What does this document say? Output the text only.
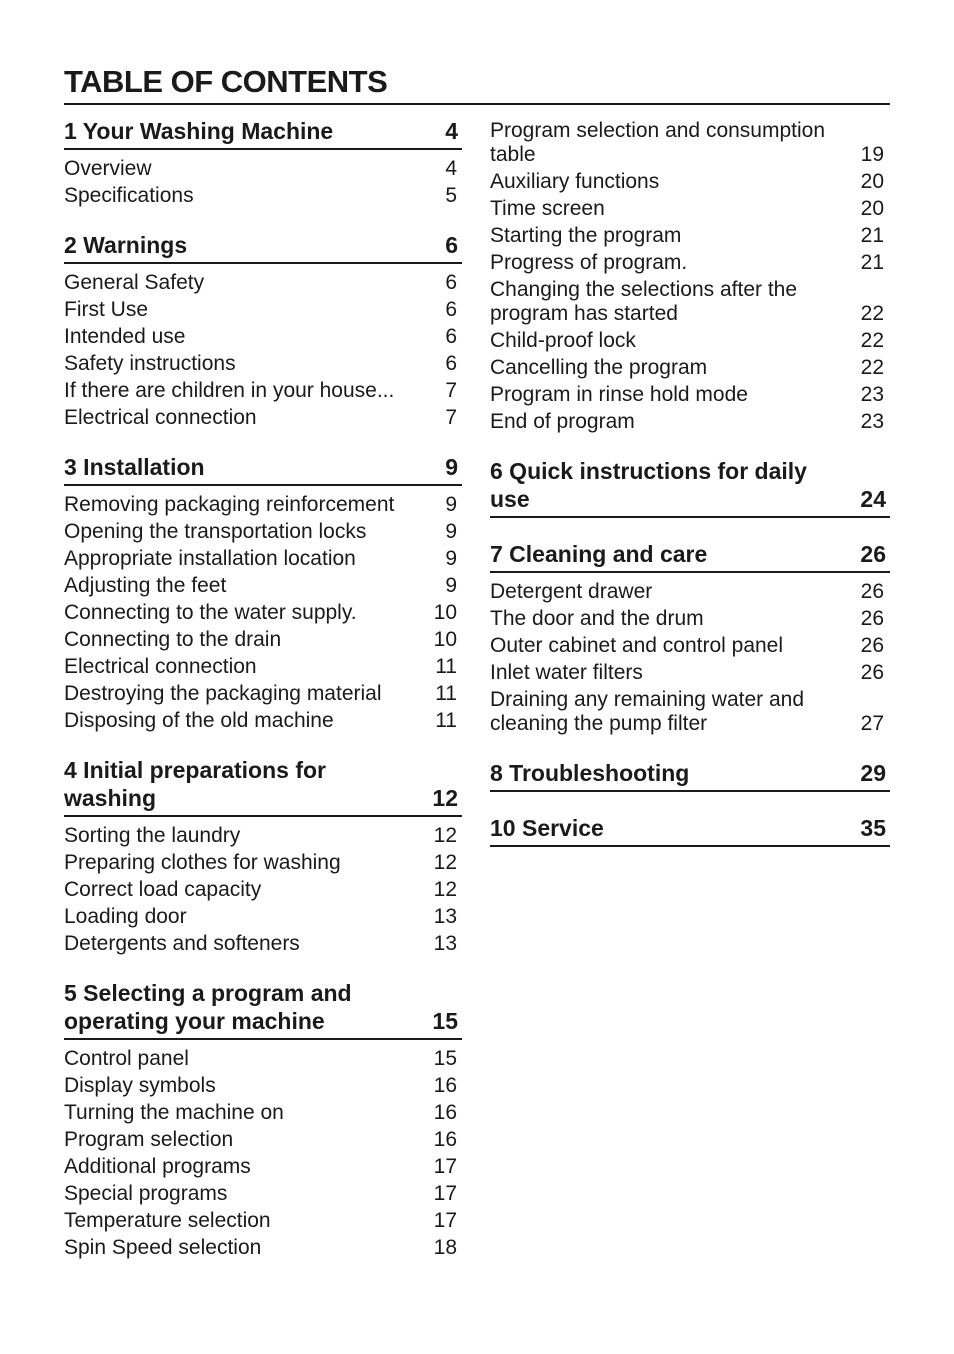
TABLE OF CONTENTS
1 Your Washing Machine	4
Overview	4
Specifications	5
2 Warnings	6
General Safety	6
First Use	6
Intended use	6
Safety instructions	6
If there are children in your house...	7
Electrical connection	7
3 Installation	9
Removing packaging reinforcement	9
Opening the transportation locks	9
Appropriate installation location	9
Adjusting the feet	9
Connecting to the water supply.	10
Connecting to the drain	10
Electrical connection	11
Destroying the packaging material	11
Disposing of the old machine	11
4 Initial preparations for washing	12
Sorting the laundry	12
Preparing clothes for washing	12
Correct load capacity	12
Loading door	13
Detergents and softeners	13
5 Selecting a program and operating your machine	15
Control panel	15
Display symbols	16
Turning the machine on	16
Program selection	16
Additional programs	17
Special programs	17
Temperature selection	17
Spin Speed selection	18
Program selection and consumption table	19
Auxiliary functions	20
Time screen	20
Starting the program	21
Progress of program.	21
Changing the selections after the program has started	22
Child-proof lock	22
Cancelling the program	22
Program in rinse hold mode	23
End of program	23
6 Quick instructions for daily use	24
7 Cleaning and care	26
Detergent drawer	26
The door and the drum	26
Outer cabinet and control panel	26
Inlet water filters	26
Draining any remaining water and cleaning the pump filter	27
8 Troubleshooting	29
10 Service	35
